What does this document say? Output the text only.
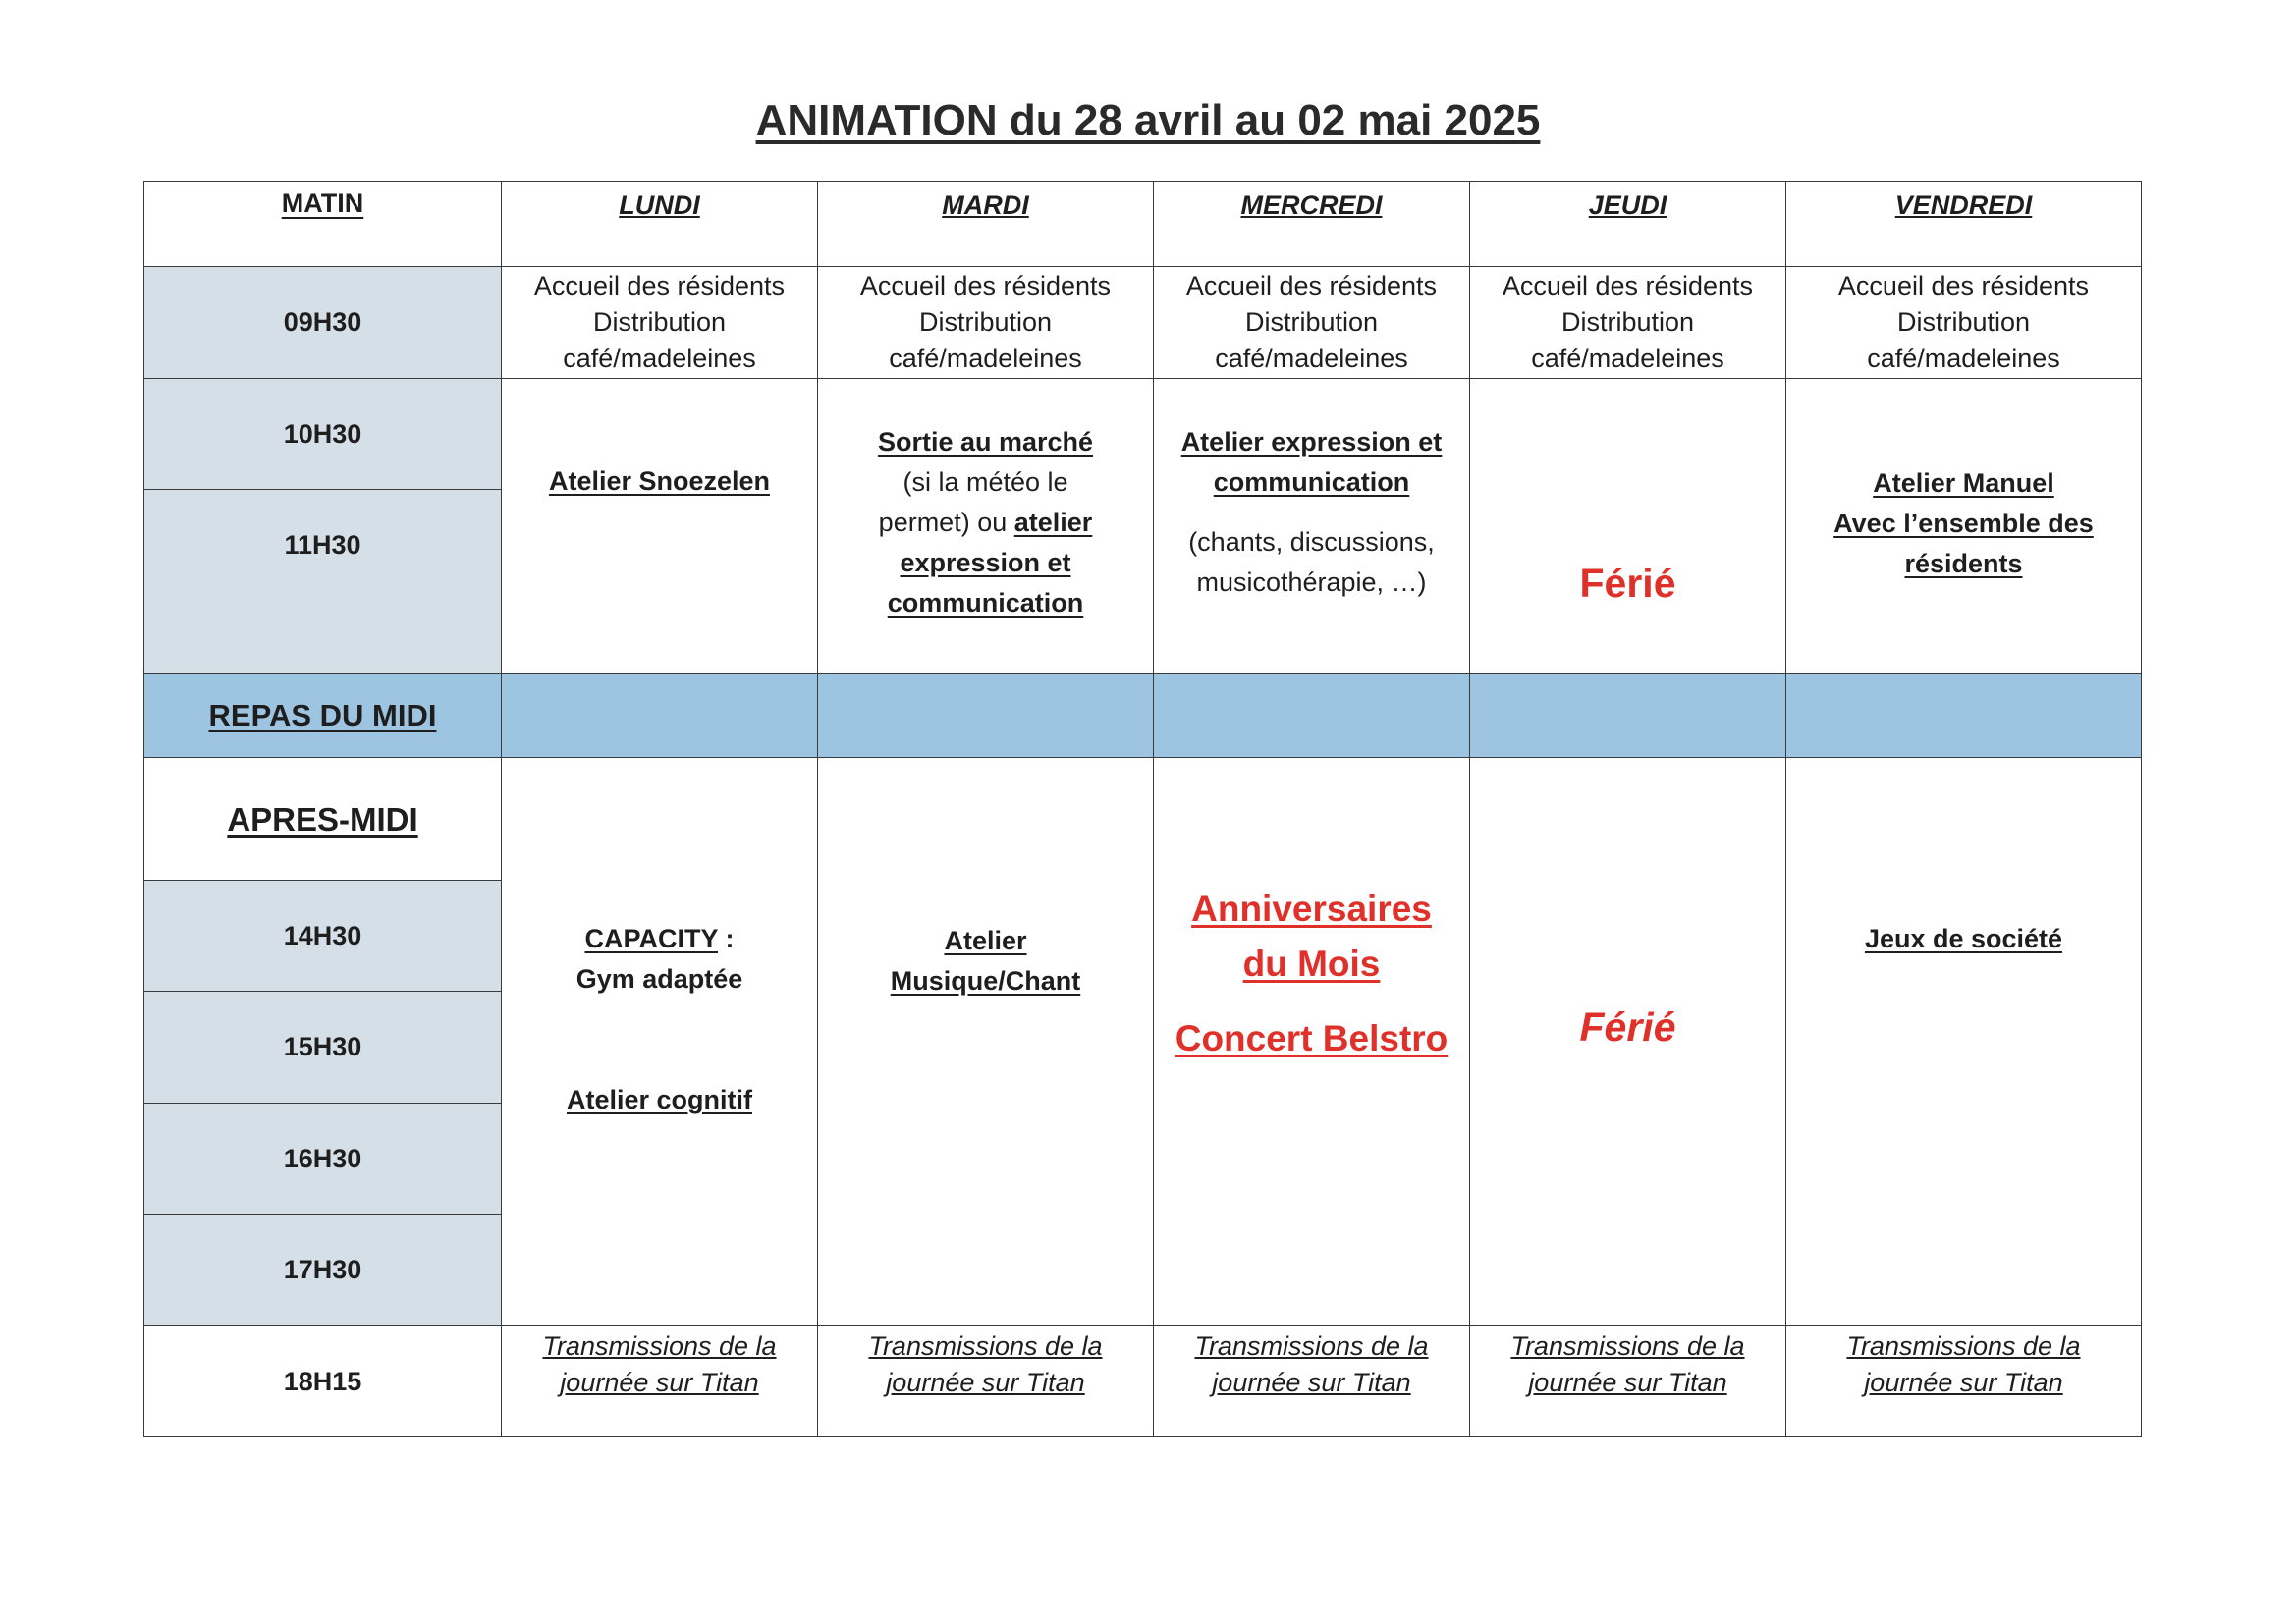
ANIMATION du 28 avril au 02 mai 2025
MATIN	LUNDI	MARDI	MERCREDI	JEUDI	VENDREDI
09H30	Accueil des résidents
Distribution
café/madeleines	Accueil des résidents
Distribution
café/madeleines	Accueil des résidents
Distribution
café/madeleines	Accueil des résidents
Distribution
café/madeleines	Accueil des résidents
Distribution
café/madeleines

10H30	Atelier Snoezelen	Sortie au marché
(si la météo le
permet) ou atelier
expression et
communication	Atelier expression et
communication
(chants, discussions,
musicothérapie, …)	Férié	Atelier Manuel
Avec l’ensemble des
résidents

11H30					
REPAS DU MIDI					
APRES-MIDI	CAPACITY :
Gym adaptée
Atelier cognitif	Atelier
Musique/Chant	Anniversaires
du Mois
Concert Belstro	Férié	Jeux de société
14H30					
15H30					
16H30					
17H30					
18H15	Transmissions de la
journée sur Titan	Transmissions de la
journée sur Titan	Transmissions de la
journée sur Titan	Transmissions de la
journée sur Titan	Transmissions de la
journée sur Titan
